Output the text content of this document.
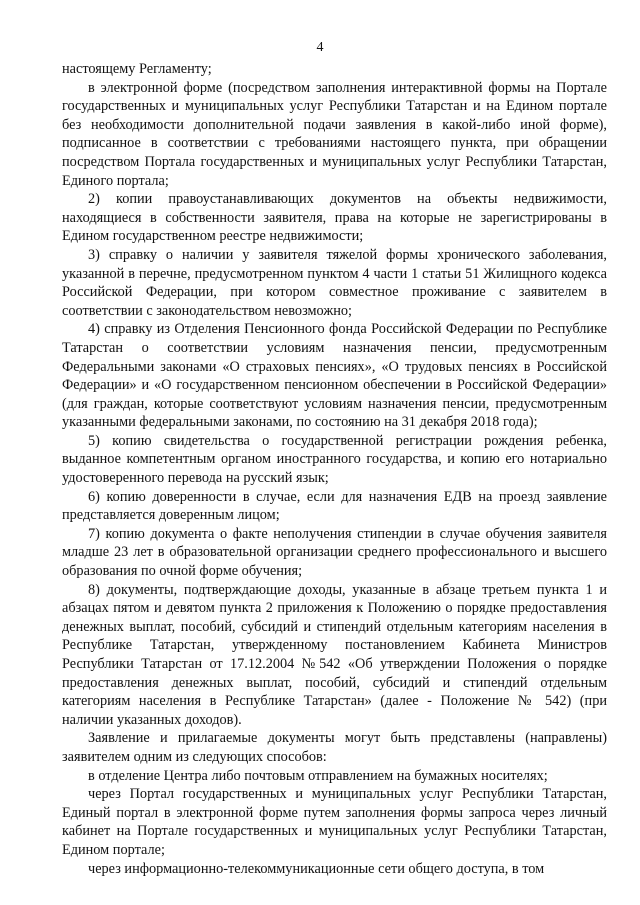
4

настоящему Регламенту;

в электронной форме (посредством заполнения интерактивной формы на Портале государственных и муниципальных услуг Республики Татарстан и на Едином портале без необходимости дополнительной подачи заявления в какой-либо иной форме), подписанное в соответствии с требованиями настоящего пункта, при обращении посредством Портала государственных и муниципальных услуг Республики Татарстан, Единого портала;

2) копии правоустанавливающих документов на объекты недвижимости, находящиеся в собственности заявителя, права на которые не зарегистрированы в Едином государственном реестре недвижимости;

3) справку о наличии у заявителя тяжелой формы хронического заболевания, указанной в перечне, предусмотренном пунктом 4 части 1 статьи 51 Жилищного кодекса Российской Федерации, при котором совместное проживание с заявителем в соответствии с законодательством невозможно;

4) справку из Отделения Пенсионного фонда Российской Федерации по Республике Татарстан о соответствии условиям назначения пенсии, предусмотренным Федеральными законами «О страховых пенсиях», «О трудовых пенсиях в Российской Федерации» и «О государственном пенсионном обеспечении в Российской Федерации» (для граждан, которые соответствуют условиям назначения пенсии, предусмотренным указанными федеральными законами, по состоянию на 31 декабря 2018 года);

5) копию свидетельства о государственной регистрации рождения ребенка, выданное компетентным органом иностранного государства, и копию его нотариально удостоверенного перевода на русский язык;

6) копию доверенности в случае, если для назначения ЕДВ на проезд заявление представляется доверенным лицом;

7) копию документа о факте неполучения стипендии в случае обучения заявителя младше 23 лет в образовательной организации среднего профессионального и высшего образования по очной форме обучения;

8) документы, подтверждающие доходы, указанные в абзаце третьем пункта 1 и абзацах пятом и девятом пункта 2 приложения к Положению о порядке предоставления денежных выплат, пособий, субсидий и стипендий отдельным категориям населения в Республике Татарстан, утвержденному постановлением Кабинета Министров Республики Татарстан от 17.12.2004 №542 «Об утверждении Положения о порядке предоставления денежных выплат, пособий, субсидий и стипендий отдельным категориям населения в Республике Татарстан» (далее - Положение № 542) (при наличии указанных доходов).

Заявление и прилагаемые документы могут быть представлены (направлены) заявителем одним из следующих способов:

в отделение Центра либо почтовым отправлением на бумажных носителях;

через Портал государственных и муниципальных услуг Республики Татарстан, Единый портал в электронной форме путем заполнения формы запроса через личный кабинет на Портале государственных и муниципальных услуг Республики Татарстан, Едином портале;

через информационно-телекоммуникационные сети общего доступа, в том
